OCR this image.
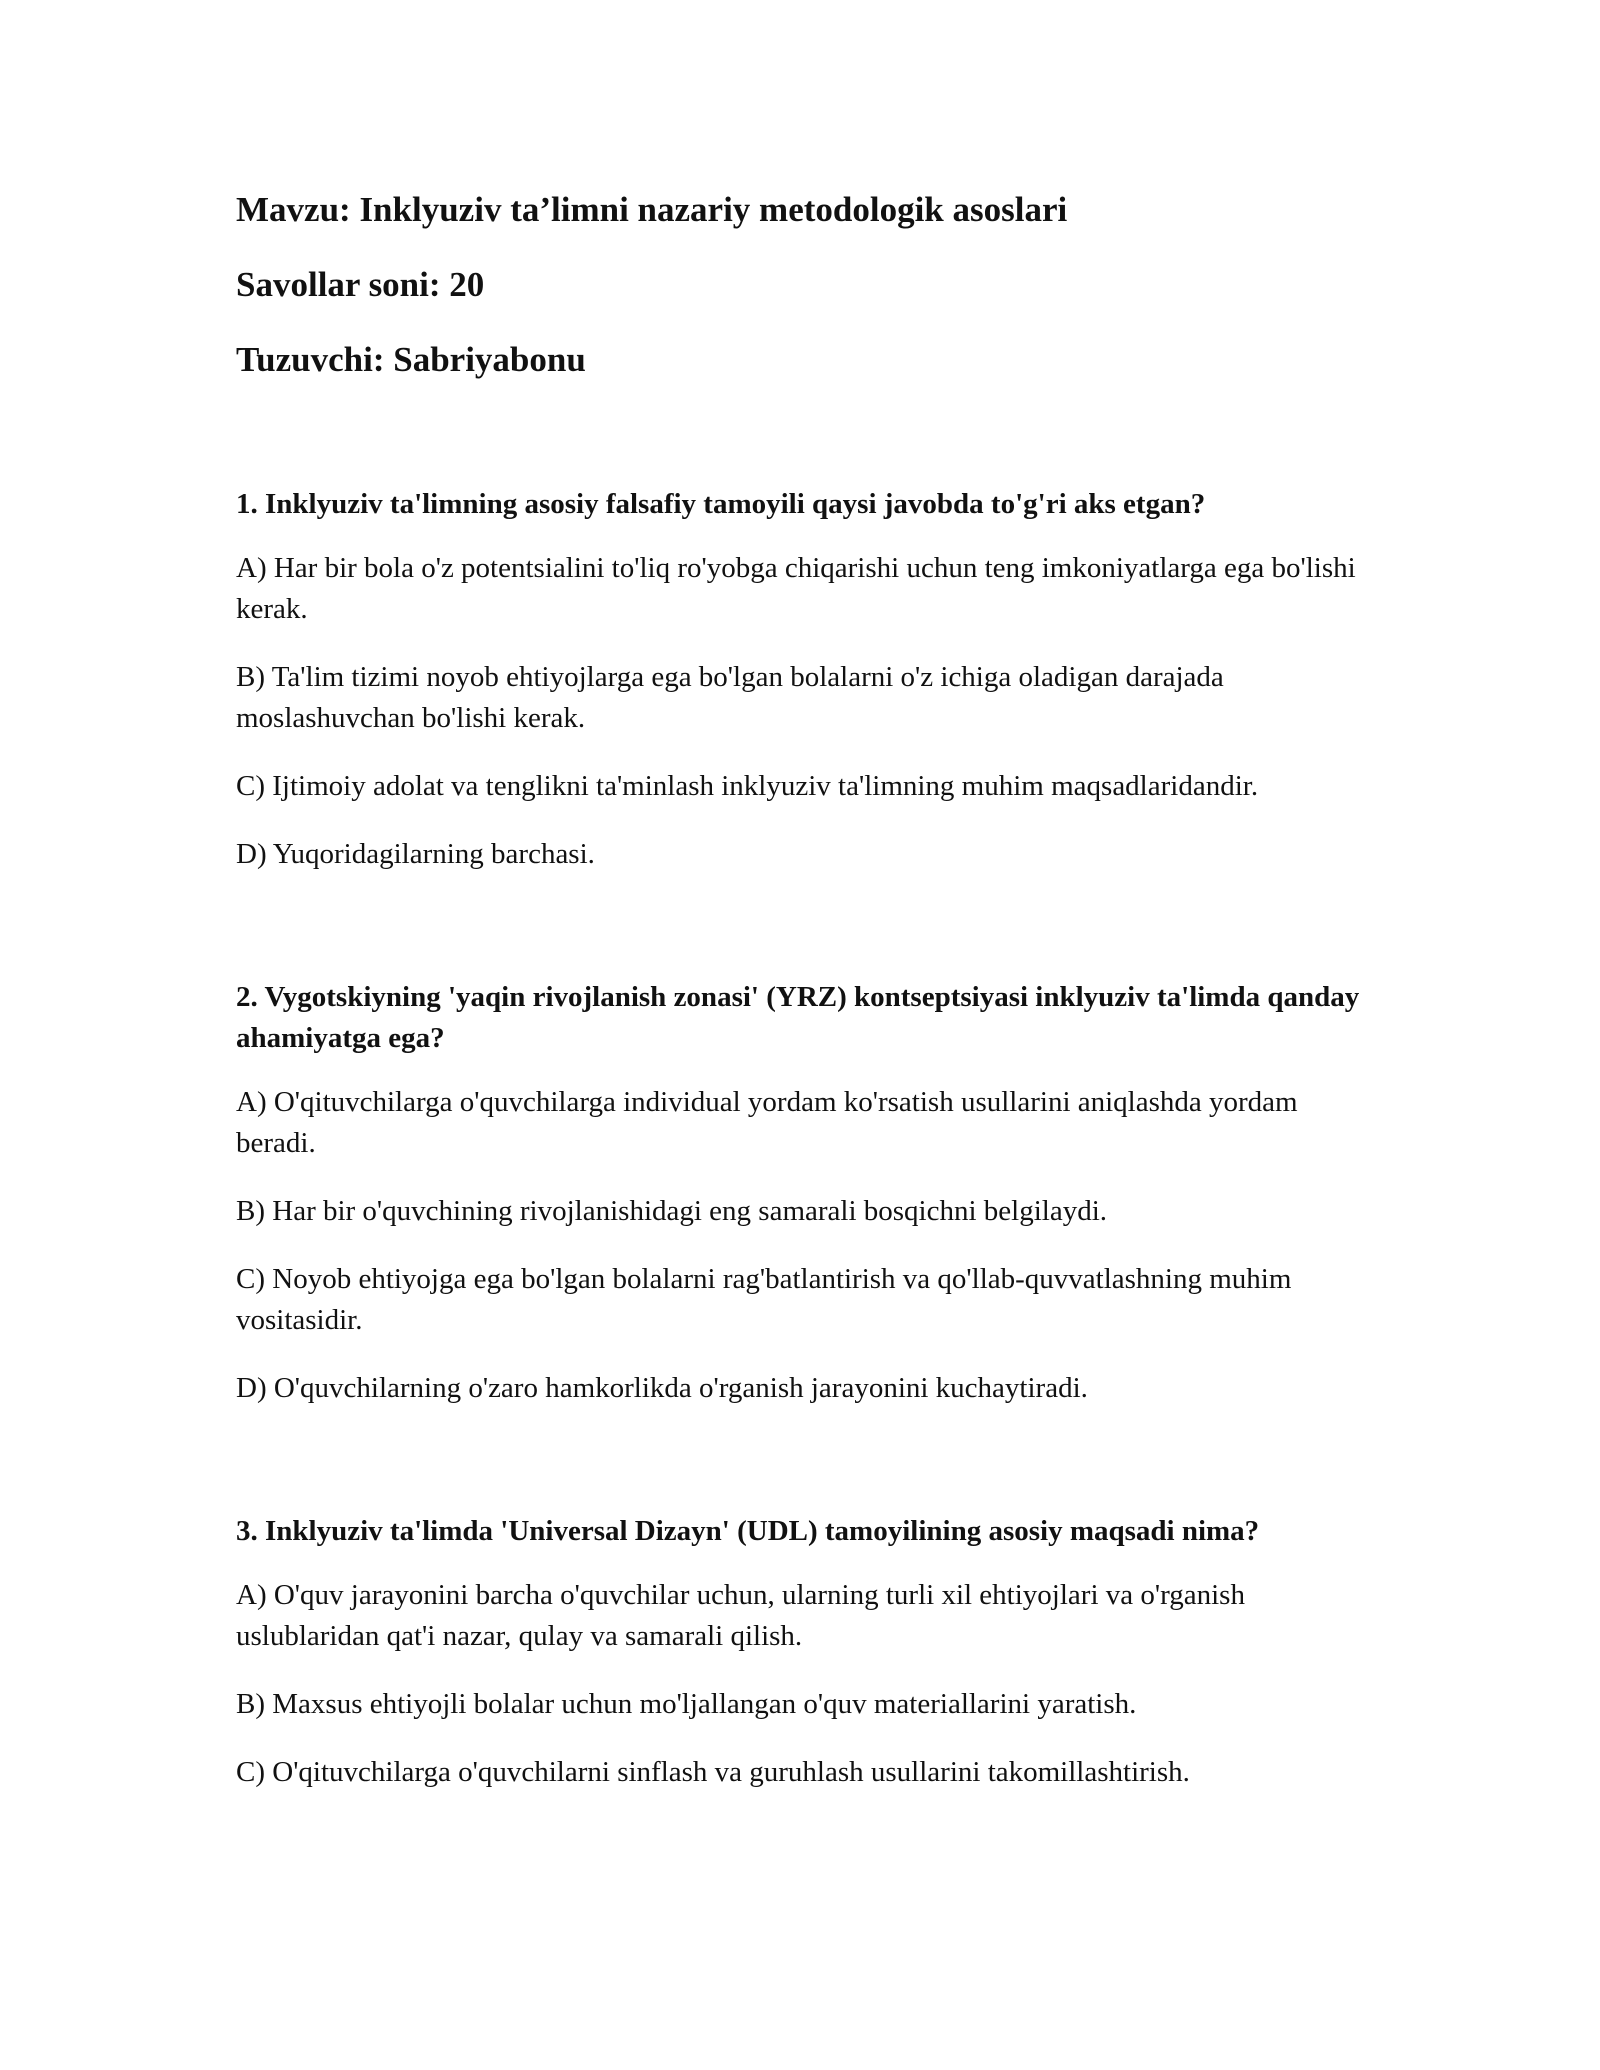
Mavzu: Inklyuziv ta’limni nazariy metodologik asoslari

Savollar soni: 20

Tuzuvchi: Sabriyabonu

1. Inklyuziv ta'limning asosiy falsafiy tamoyili qaysi javobda to'g'ri aks etgan?

A) Har bir bola o'z potentsialini to'liq ro'yobga chiqarishi uchun teng imkoniyatlarga ega bo'lishi kerak.

B) Ta'lim tizimi noyob ehtiyojlarga ega bo'lgan bolalarni o'z ichiga oladigan darajada moslashuvchan bo'lishi kerak.

C) Ijtimoiy adolat va tenglikni ta'minlash inklyuziv ta'limning muhim maqsadlaridandir.

D) Yuqoridagilarning barchasi.

2. Vygotskiyning 'yaqin rivojlanish zonasi' (YRZ) kontseptsiyasi inklyuziv ta'limda qanday ahamiyatga ega?

A) O'qituvchilarga o'quvchilarga individual yordam ko'rsatish usullarini aniqlashda yordam beradi.

B) Har bir o'quvchining rivojlanishidagi eng samarali bosqichni belgilaydi.

C) Noyob ehtiyojga ega bo'lgan bolalarni rag'batlantirish va qo'llab-quvvatlashning muhim vositasidir.

D) O'quvchilarning o'zaro hamkorlikda o'rganish jarayonini kuchaytiradi.

3. Inklyuziv ta'limda 'Universal Dizayn' (UDL) tamoyilining asosiy maqsadi nima?

A) O'quv jarayonini barcha o'quvchilar uchun, ularning turli xil ehtiyojlari va o'rganish uslublaridan qat'i nazar, qulay va samarali qilish.

B) Maxsus ehtiyojli bolalar uchun mo'ljallangan o'quv materiallarini yaratish.

C) O'qituvchilarga o'quvchilarni sinflash va guruhlash usullarini takomillashtirish.
